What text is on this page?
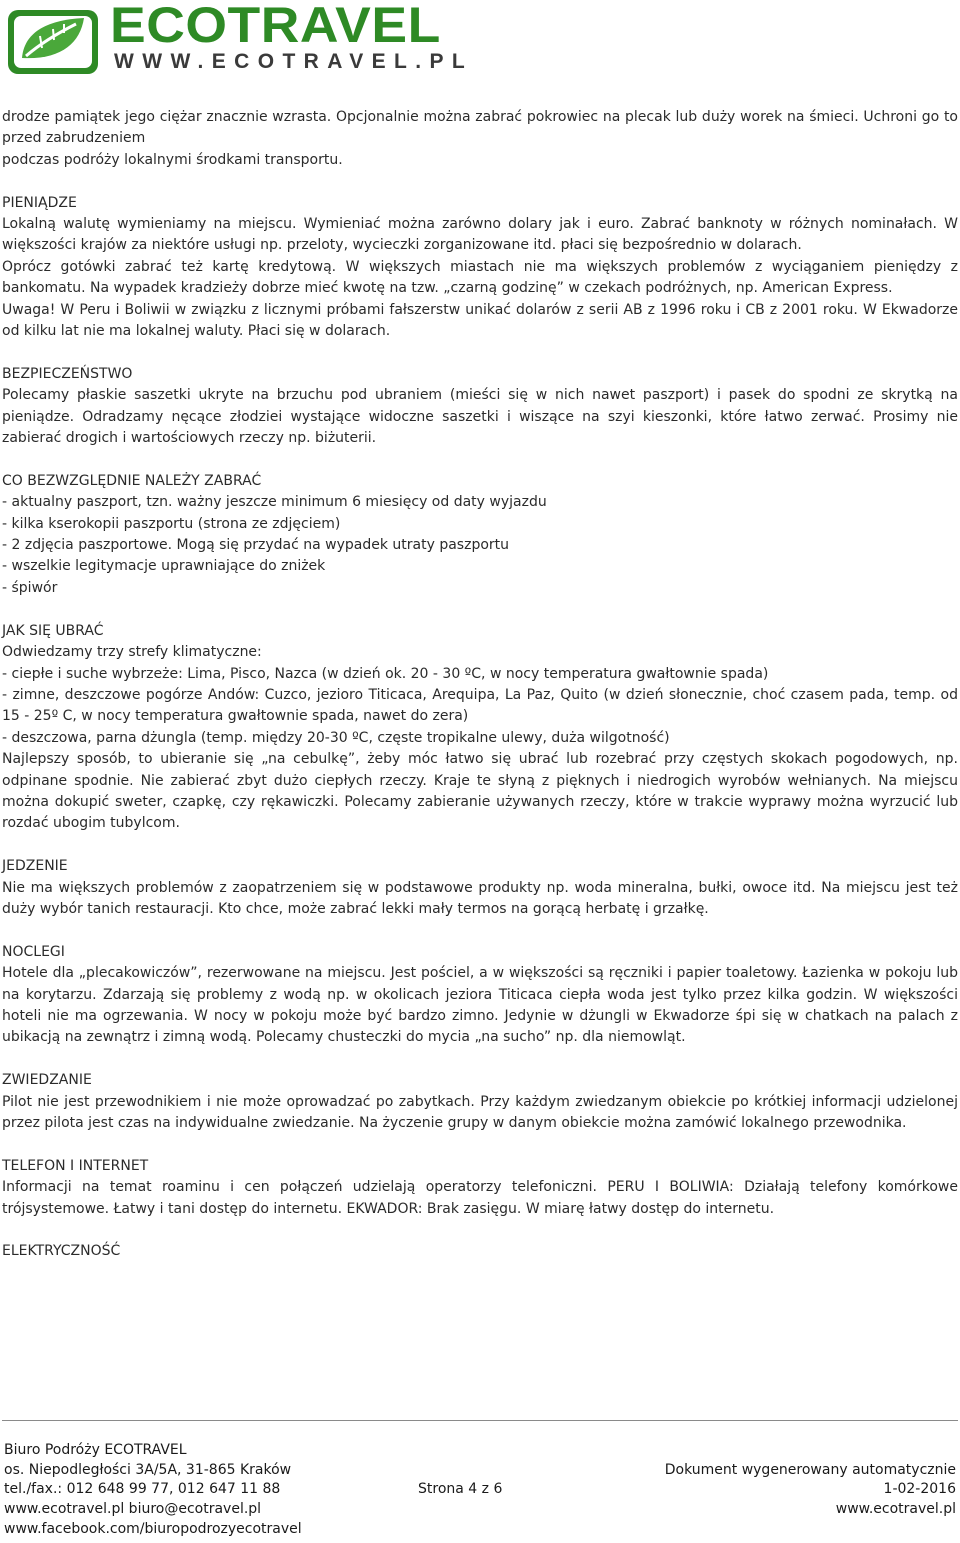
ECOTRAVEL
WWW.ECOTRAVEL.PL

drodze pamiątek jego ciężar znacznie wzrasta. Opcjonalnie można zabrać pokrowiec na plecak lub duży worek na śmieci. Uchroni go to przed zabrudzeniem
podczas podróży lokalnymi środkami transportu.

PIENIĄDZE

Lokalną walutę wymieniamy na miejscu. Wymieniać można zarówno dolary jak i euro. Zabrać banknoty w różnych nominałach. W większości krajów za niektóre usługi np. przeloty, wycieczki zorganizowane itd. płaci się bezpośrednio w dolarach.

Oprócz gotówki zabrać też kartę kredytową. W większych miastach nie ma większych problemów z wyciąganiem pieniędzy z bankomatu. Na wypadek kradzieży dobrze mieć kwotę na tzw. „czarną godzinę” w czekach podróżnych, np. American Express.

Uwaga! W Peru i Boliwii w związku z licznymi próbami fałszerstw unikać dolarów z serii AB z 1996 roku i CB z 2001 roku. W Ekwadorze od kilku lat nie ma lokalnej waluty. Płaci się w dolarach.

BEZPIECZEŃSTWO

Polecamy płaskie saszetki ukryte na brzuchu pod ubraniem (mieści się w nich nawet paszport) i pasek do spodni ze skrytką na pieniądze. Odradzamy nęcące złodziei wystające widoczne saszetki i wiszące na szyi kieszonki, które łatwo zerwać. Prosimy nie zabierać drogich i wartościowych rzeczy np. biżuterii.

CO BEZWZGLĘDNIE NALEŻY ZABRAĆ

- aktualny paszport, tzn. ważny jeszcze minimum 6 miesięcy od daty wyjazdu

- kilka kserokopii paszportu (strona ze zdjęciem)

- 2 zdjęcia paszportowe. Mogą się przydać na wypadek utraty paszportu

- wszelkie legitymacje uprawniające do zniżek

- śpiwór

JAK SIĘ UBRAĆ

Odwiedzamy trzy strefy klimatyczne:

- ciepłe i suche wybrzeże: Lima, Pisco, Nazca (w dzień ok. 20 - 30 ºC, w nocy temperatura gwałtownie spada)

- zimne, deszczowe pogórze Andów: Cuzco, jezioro Titicaca, Arequipa, La Paz, Quito (w dzień słonecznie, choć czasem pada, temp. od 15 - 25º C, w nocy temperatura gwałtownie spada, nawet do zera)

- deszczowa, parna dżungla (temp. między 20-30 ºC, częste tropikalne ulewy, duża wilgotność)

Najlepszy sposób, to ubieranie się „na cebulkę”, żeby móc łatwo się ubrać lub rozebrać przy częstych skokach pogodowych, np. odpinane spodnie. Nie zabierać zbyt dużo ciepłych rzeczy. Kraje te słyną z pięknych i niedrogich wyrobów wełnianych. Na miejscu można dokupić sweter, czapkę, czy rękawiczki. Polecamy zabieranie używanych rzeczy, które w trakcie wyprawy można wyrzucić lub rozdać ubogim tubylcom.

JEDZENIE

Nie ma większych problemów z zaopatrzeniem się w podstawowe produkty np. woda mineralna, bułki, owoce itd. Na miejscu jest też duży wybór tanich restauracji. Kto chce, może zabrać lekki mały termos na gorącą herbatę i grzałkę.

NOCLEGI

Hotele dla „plecakowiczów”, rezerwowane na miejscu. Jest pościel, a w większości są ręczniki i papier toaletowy. Łazienka w pokoju lub na korytarzu. Zdarzają się problemy z wodą np. w okolicach jeziora Titicaca ciepła woda jest tylko przez kilka godzin. W większości hoteli nie ma ogrzewania. W nocy w pokoju może być bardzo zimno. Jedynie w dżungli w Ekwadorze śpi się w chatkach na palach z ubikacją na zewnątrz i zimną wodą. Polecamy chusteczki do mycia „na sucho” np. dla niemowląt.

ZWIEDZANIE

Pilot nie jest przewodnikiem i nie może oprowadzać po zabytkach. Przy każdym zwiedzanym obiekcie po krótkiej informacji udzielonej przez pilota jest czas na indywidualne zwiedzanie. Na życzenie grupy w danym obiekcie można zamówić lokalnego przewodnika.

TELEFON I INTERNET

Informacji na temat roaminu i cen połączeń udzielają operatorzy telefoniczni. PERU I BOLIWIA: Działają telefony komórkowe trójsystemowe. Łatwy i tani dostęp do internetu. EKWADOR: Brak zasięgu. W miarę łatwy dostęp do internetu.

ELEKTRYCZNOŚĆ

Biuro Podróży ECOTRAVEL
os. Niepodległości 3A/5A, 31-865 Kraków
tel./fax.: 012 648 99 77, 012 647 11 88
www.ecotravel.pl biuro@ecotravel.pl
www.facebook.com/biuropodrozyecotravel
Strona 4 z 6
Dokument wygenerowany automatycznie
1-02-2016
www.ecotravel.pl
